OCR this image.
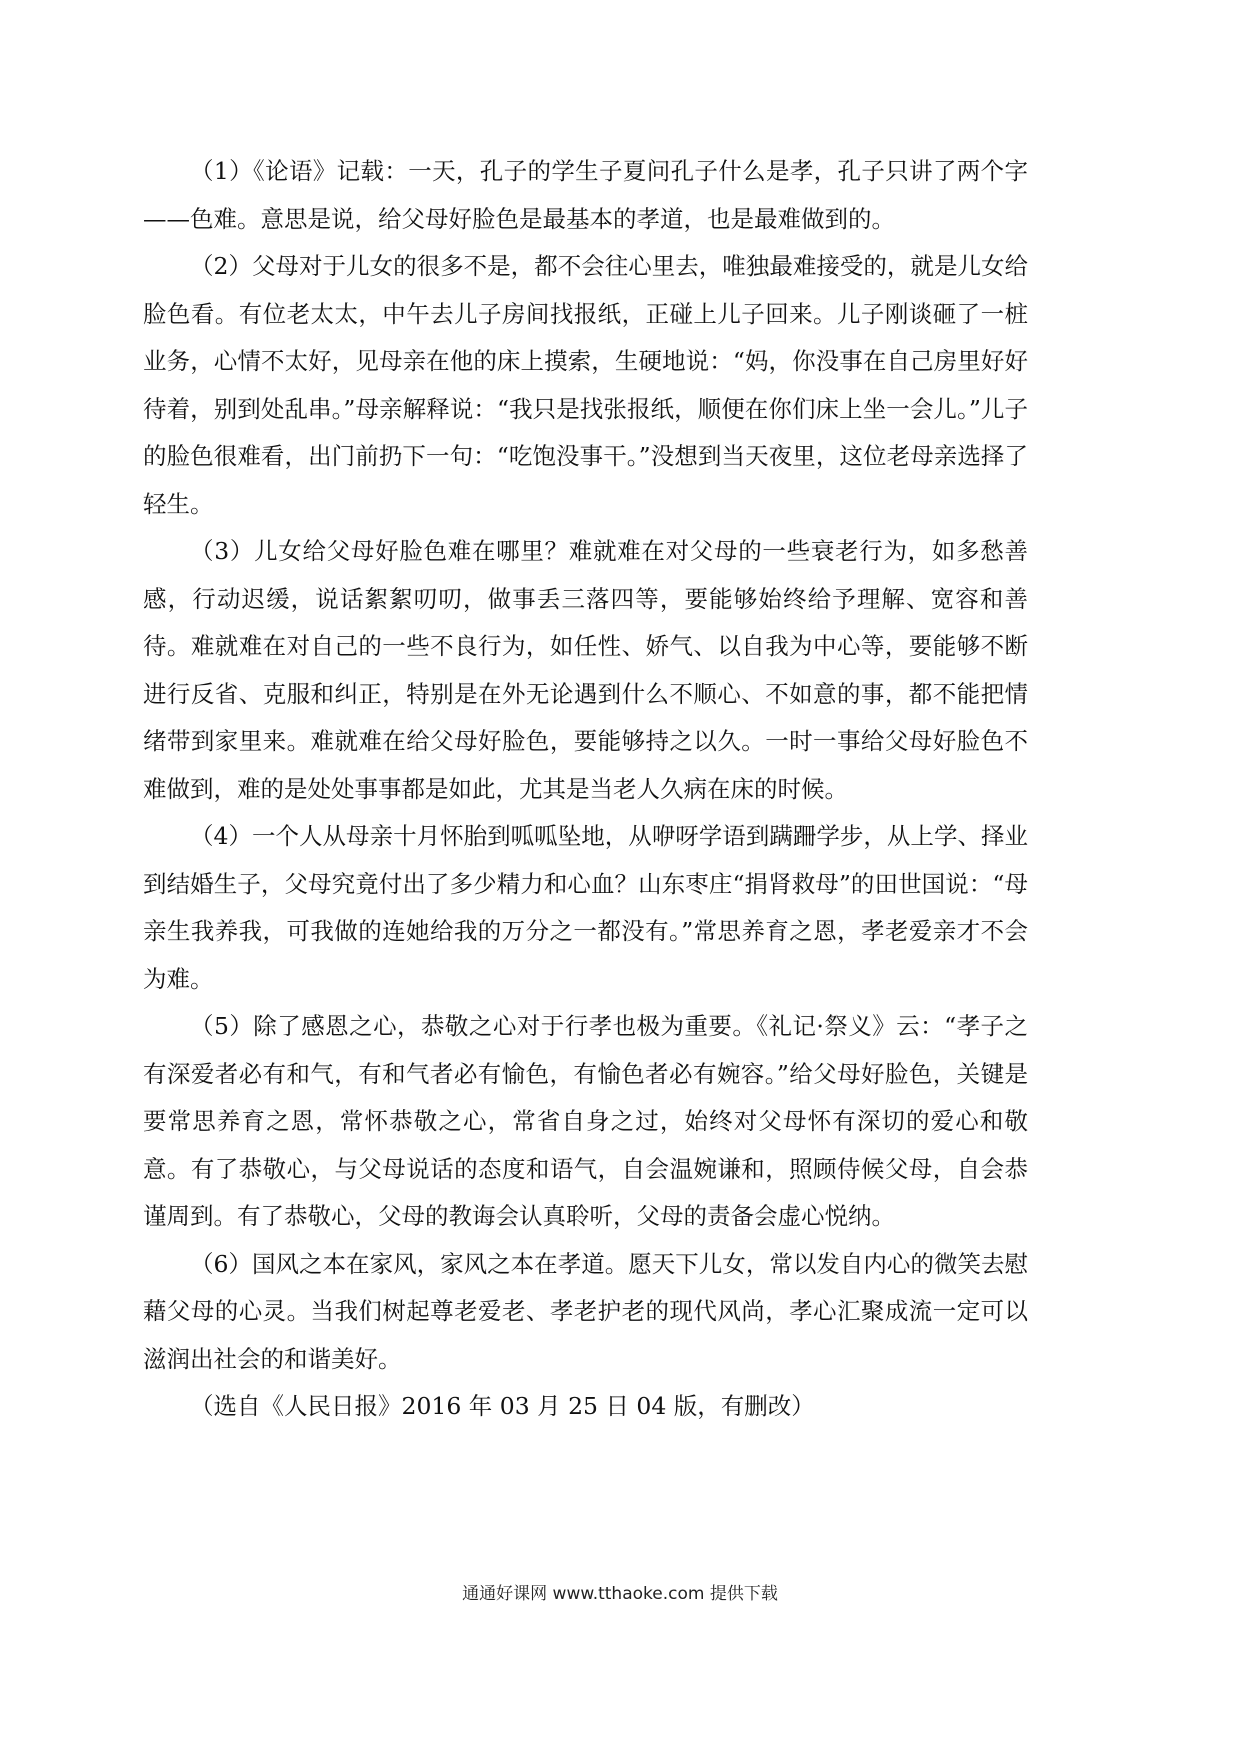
（1）《论语》记载：一天，孔子的学生子夏问孔子什么是孝，孔子只讲了两个字——色难。意思是说，给父母好脸色是最基本的孝道，也是最难做到的。

（2）父母对于儿女的很多不是，都不会往心里去，唯独最难接受的，就是儿女给脸色看。有位老太太，中午去儿子房间找报纸，正碰上儿子回来。儿子刚谈砸了一桩业务，心情不太好，见母亲在他的床上摸索，生硬地说：“妈，你没事在自己房里好好待着，别到处乱串。”母亲解释说：“我只是找张报纸，顺便在你们床上坐一会儿。”儿子的脸色很难看，出门前扔下一句：“吃饱没事干。”没想到当天夜里，这位老母亲选择了轻生。

（3）儿女给父母好脸色难在哪里？难就难在对父母的一些衰老行为，如多愁善感，行动迟缓，说话絮絮叨叨，做事丢三落四等，要能够始终给予理解、宽容和善待。难就难在对自己的一些不良行为，如任性、娇气、以自我为中心等，要能够不断进行反省、克服和纠正，特别是在外无论遇到什么不顺心、不如意的事，都不能把情绪带到家里来。难就难在给父母好脸色，要能够持之以久。一时一事给父母好脸色不难做到，难的是处处事事都是如此，尤其是当老人久病在床的时候。

（4）一个人从母亲十月怀胎到呱呱坠地，从咿呀学语到蹒跚学步，从上学、择业到结婚生子，父母究竟付出了多少精力和心血？山东枣庄“捐肾救母”的田世国说：“母亲生我养我，可我做的连她给我的万分之一都没有。”常思养育之恩，孝老爱亲才不会为难。

（5）除了感恩之心，恭敬之心对于行孝也极为重要。《礼记·祭义》云：“孝子之有深爱者必有和气，有和气者必有愉色，有愉色者必有婉容。”给父母好脸色，关键是要常思养育之恩，常怀恭敬之心，常省自身之过，始终对父母怀有深切的爱心和敬意。有了恭敬心，与父母说话的态度和语气，自会温婉谦和，照顾侍候父母，自会恭谨周到。有了恭敬心，父母的教诲会认真聆听，父母的责备会虚心悦纳。

（6）国风之本在家风，家风之本在孝道。愿天下儿女，常以发自内心的微笑去慰藉父母的心灵。当我们树起尊老爱老、孝老护老的现代风尚，孝心汇聚成流一定可以滋润出社会的和谐美好。

（选自《人民日报》2016 年 03 月 25 日 04 版，有删改）

通通好课网 www.tthaoke.com 提供下载
